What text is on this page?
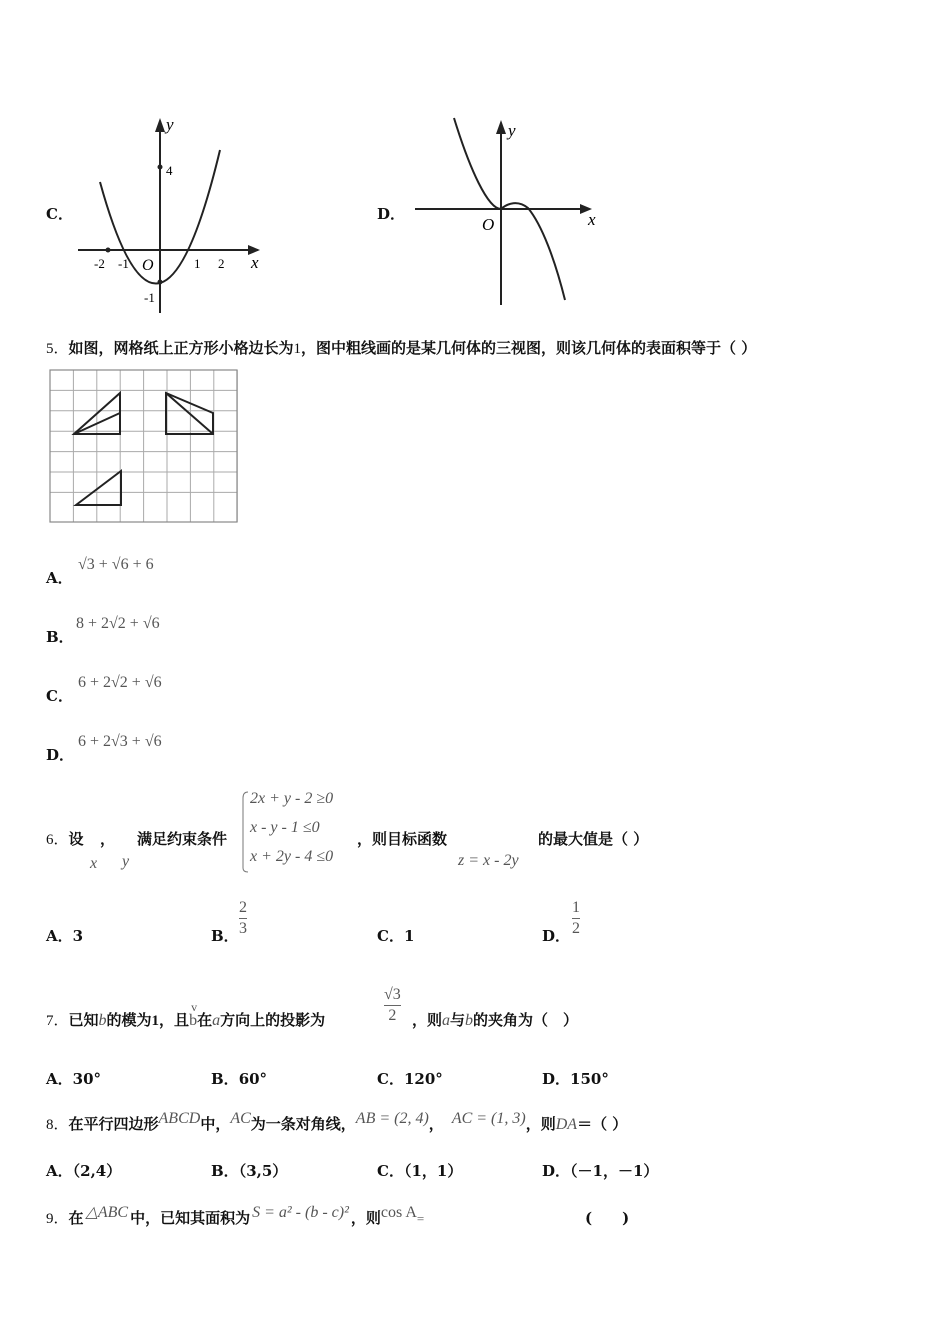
C．
y
4
x
-2 -1 O	1 2
-1
D．
y
x
O
5．如图，网格纸上正方形小格边长为1，图中粗线画的是某几何体的三视图，则该几何体的表面积等于（ ）
A．
√3 + √6 + 6
B．
8 + 2√2 + √6
C．
6 + 2√2 + √6
D．
6 + 2√3 + √6
6．设 ， 满足约束条件
x y
2x + y - 2 ≥0
x - y - 1 ≤0
x + 2y - 4 ≤0
，则目标函数
z = x - 2y
的最大值是（ ）
A．3	B．
2
3	C．1	D．
1
2
7．已知b的模为1，且
v
b在a方向上的投影为
√3
2 ，则a与b的夹角为（　）
A．30°	B．60°	C．120°	D．150°
8．在平行四边形ABCD中，AC为一条对角线，AB = (2, 4)， AC = (1, 3)，则DA＝（ ）
A．（2,4）	B．（3,5）	C．（1，1）	D．（－1，－1）
9．在 △ABC 中，已知其面积为 S = a² - (b - c)² ，则cos A=	(　　)
